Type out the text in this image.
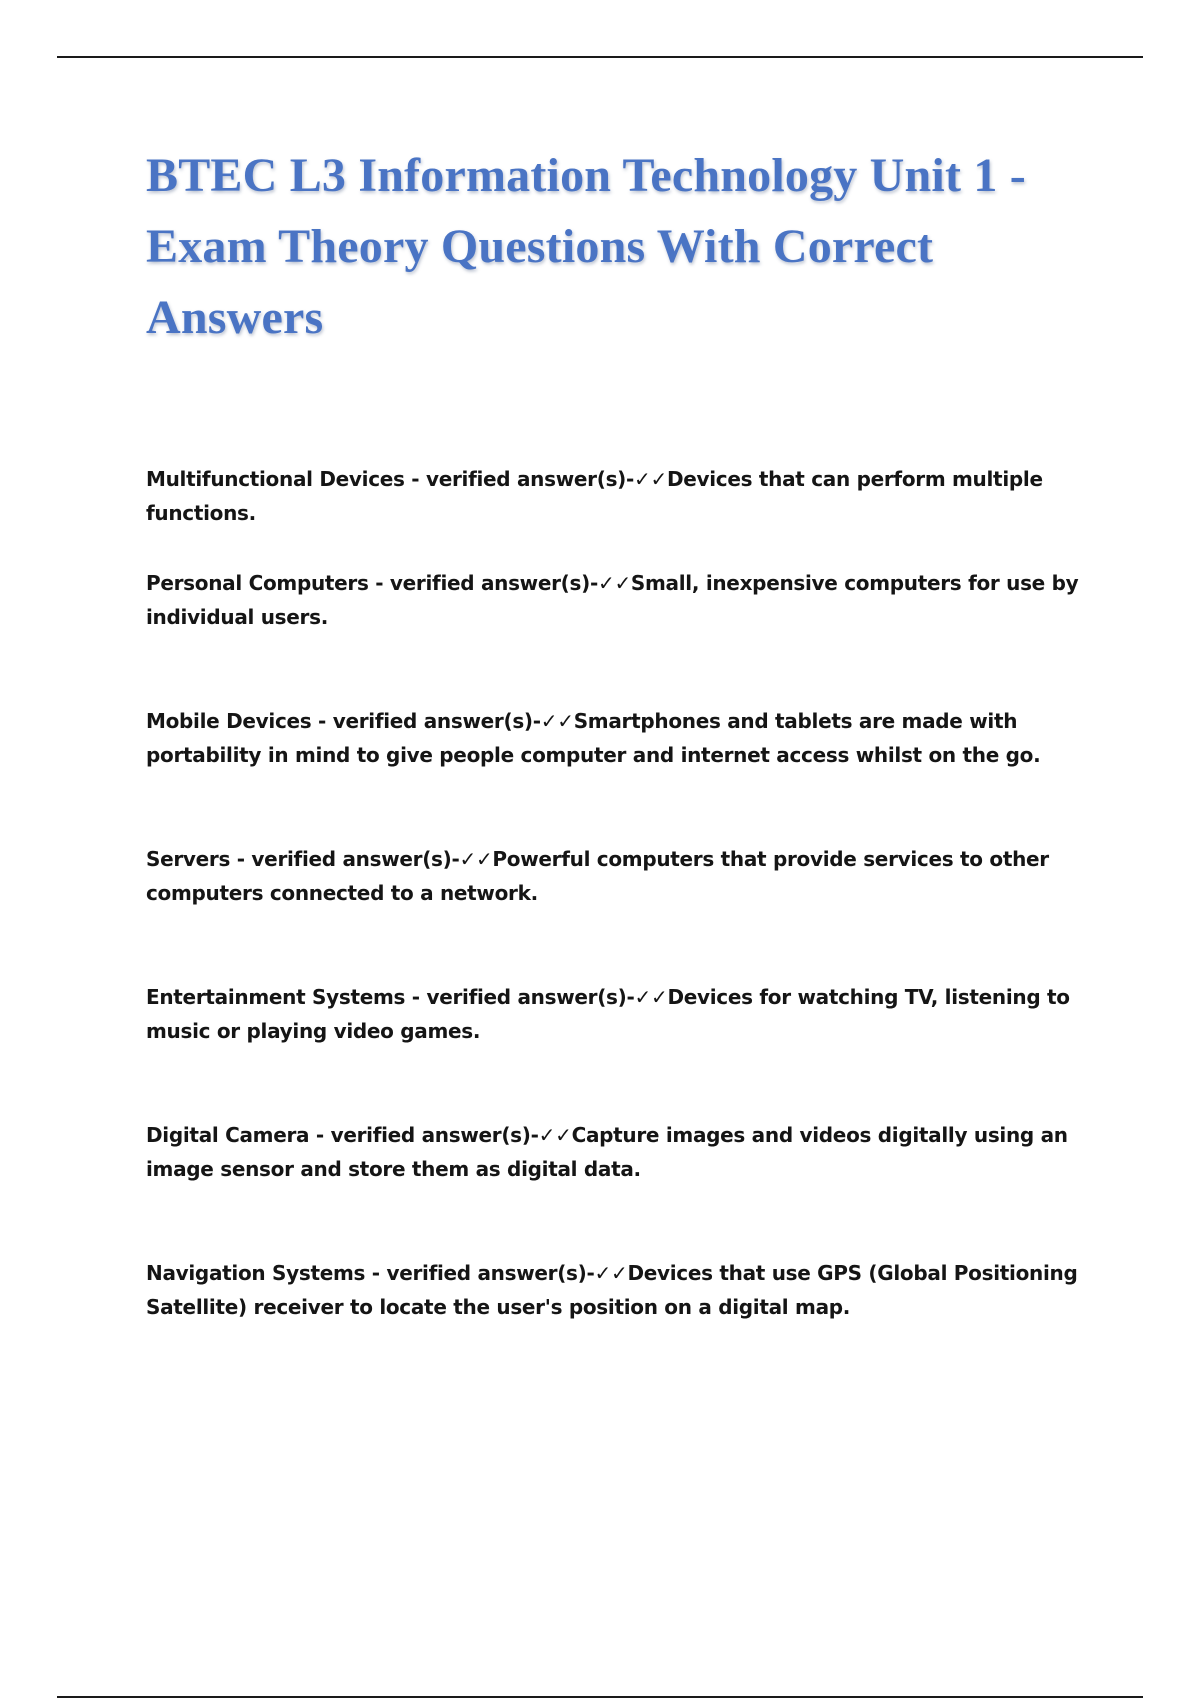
BTEC L3 Information Technology Unit 1 - Exam Theory Questions With Correct Answers
Multifunctional Devices - verified answer(s)-✓✓Devices that can perform multiple functions.
Personal Computers - verified answer(s)-✓✓Small, inexpensive computers for use by individual users.
Mobile Devices - verified answer(s)-✓✓Smartphones and tablets are made with portability in mind to give people computer and internet access whilst on the go.
Servers - verified answer(s)-✓✓Powerful computers that provide services to other computers connected to a network.
Entertainment Systems - verified answer(s)-✓✓Devices for watching TV, listening to music or playing video games.
Digital Camera - verified answer(s)-✓✓Capture images and videos digitally using an image sensor and store them as digital data.
Navigation Systems - verified answer(s)-✓✓Devices that use GPS (Global Positioning Satellite) receiver to locate the user's position on a digital map.
